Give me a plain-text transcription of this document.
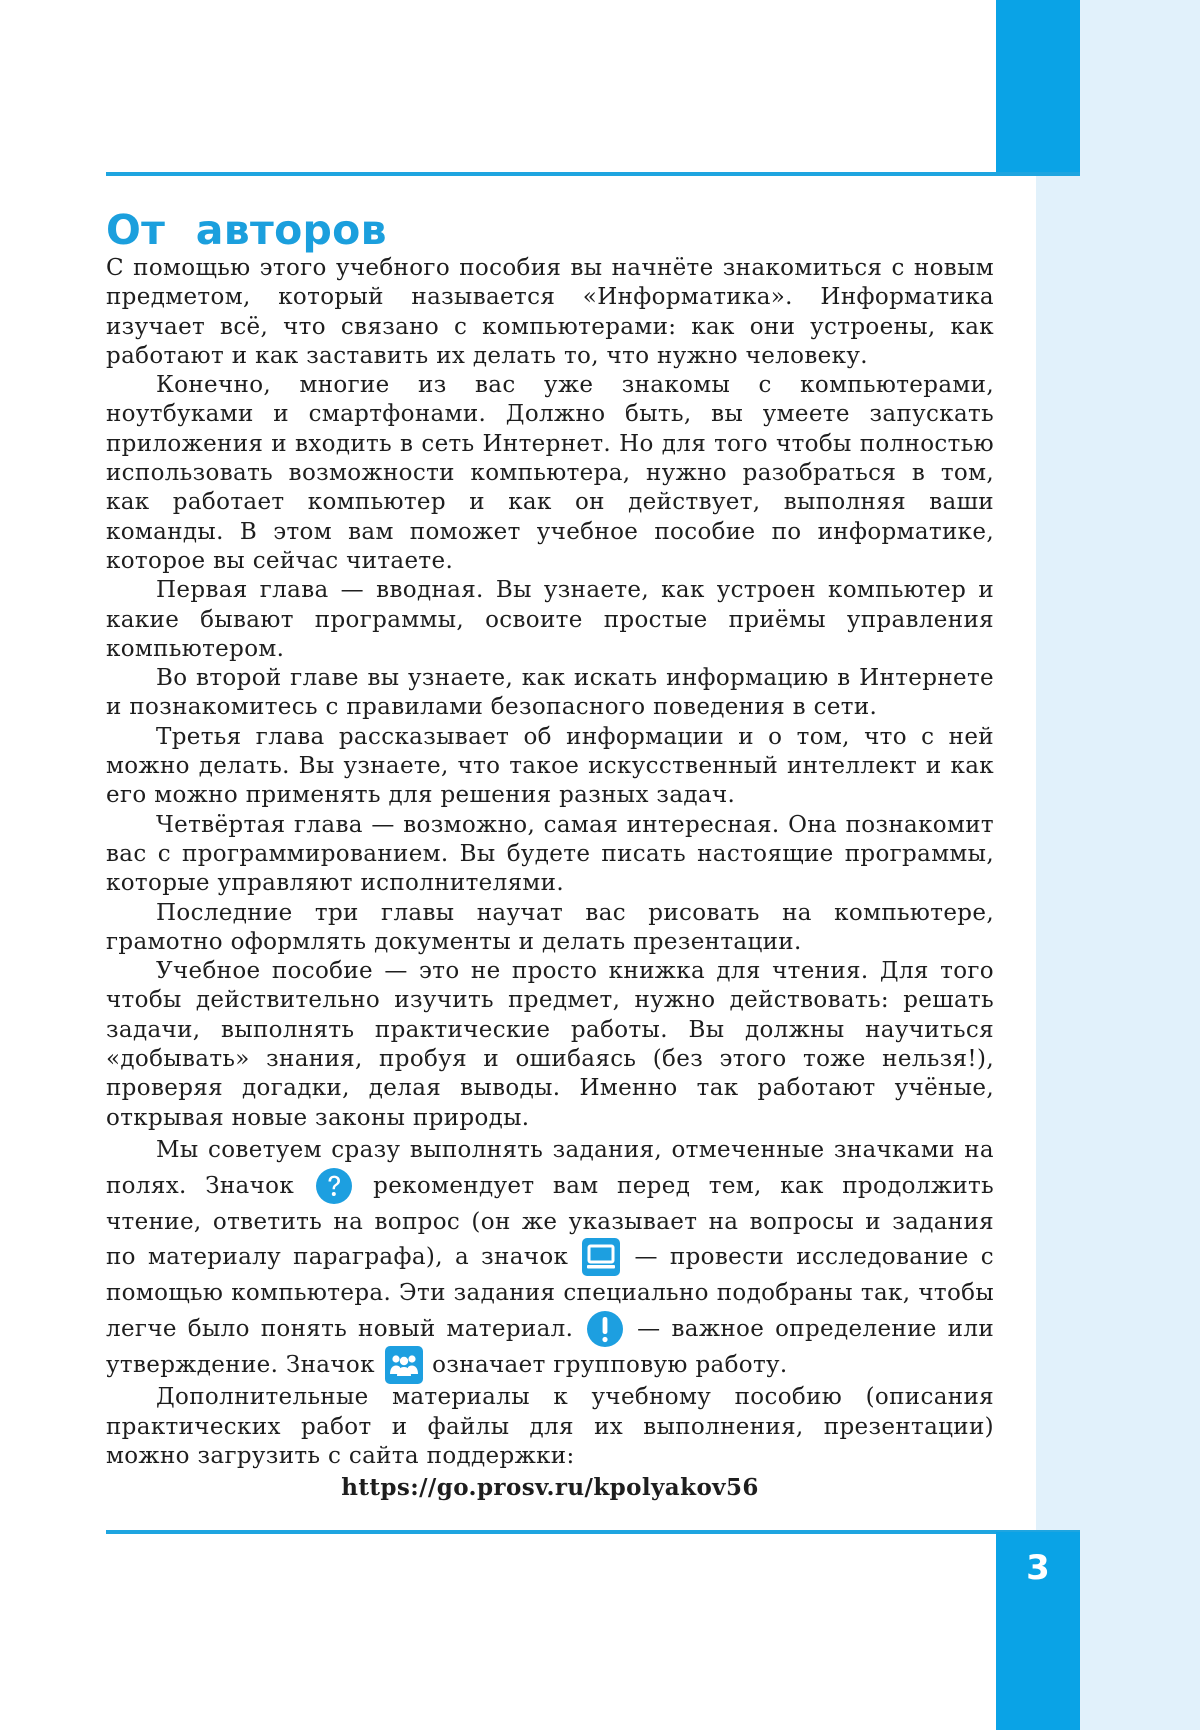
От авторов

С помощью этого учебного пособия вы начнёте знакомиться с новым предметом, который называется «Информатика». Информатика изучает всё, что связано с компьютерами: как они устроены, как работают и как заставить их делать то, что нужно человеку.

Конечно, многие из вас уже знакомы с компьютерами, ноутбуками и смартфонами. Должно быть, вы умеете запускать приложения и входить в сеть Интернет. Но для того чтобы полностью использовать возможности компьютера, нужно разобраться в том, как работает компьютер и как он действует, выполняя ваши команды. В этом вам поможет учебное пособие по информатике, которое вы сейчас читаете.

Первая глава — вводная. Вы узнаете, как устроен компьютер и какие бывают программы, освоите простые приёмы управления компьютером.

Во второй главе вы узнаете, как искать информацию в Интернете и познакомитесь с правилами безопасного поведения в сети.

Третья глава рассказывает об информации и о том, что с ней можно делать. Вы узнаете, что такое искусственный интеллект и как его можно применять для решения разных задач.

Четвёртая глава — возможно, самая интересная. Она познакомит вас с программированием. Вы будете писать настоящие программы, которые управляют исполнителями.

Последние три главы научат вас рисовать на компьютере, грамотно оформлять документы и делать презентации.

Учебное пособие — это не просто книжка для чтения. Для того чтобы действительно изучить предмет, нужно действовать: решать задачи, выполнять практические работы. Вы должны научиться «добывать» знания, пробуя и ошибаясь (без этого тоже нельзя!), проверяя догадки, делая выводы. Именно так работают учёные, открывая новые законы природы.

Мы советуем сразу выполнять задания, отмеченные значками на полях. Значок	рекомендует вам перед тем, как продолжить чтение, ответить на вопрос (он же указывает на вопросы и задания по материалу параграфа), а значок	— провести исследование с помощью компьютера. Эти задания специально подобраны так, чтобы легче было понять новый материал.	— важное определение или утверждение. Значок означает групповую работу.

Дополнительные материалы к учебному пособию (описания практических работ и файлы для их выполнения, презентации) можно загрузить с сайта поддержки:

https://go.prosv.ru/kpolyakov56

3
